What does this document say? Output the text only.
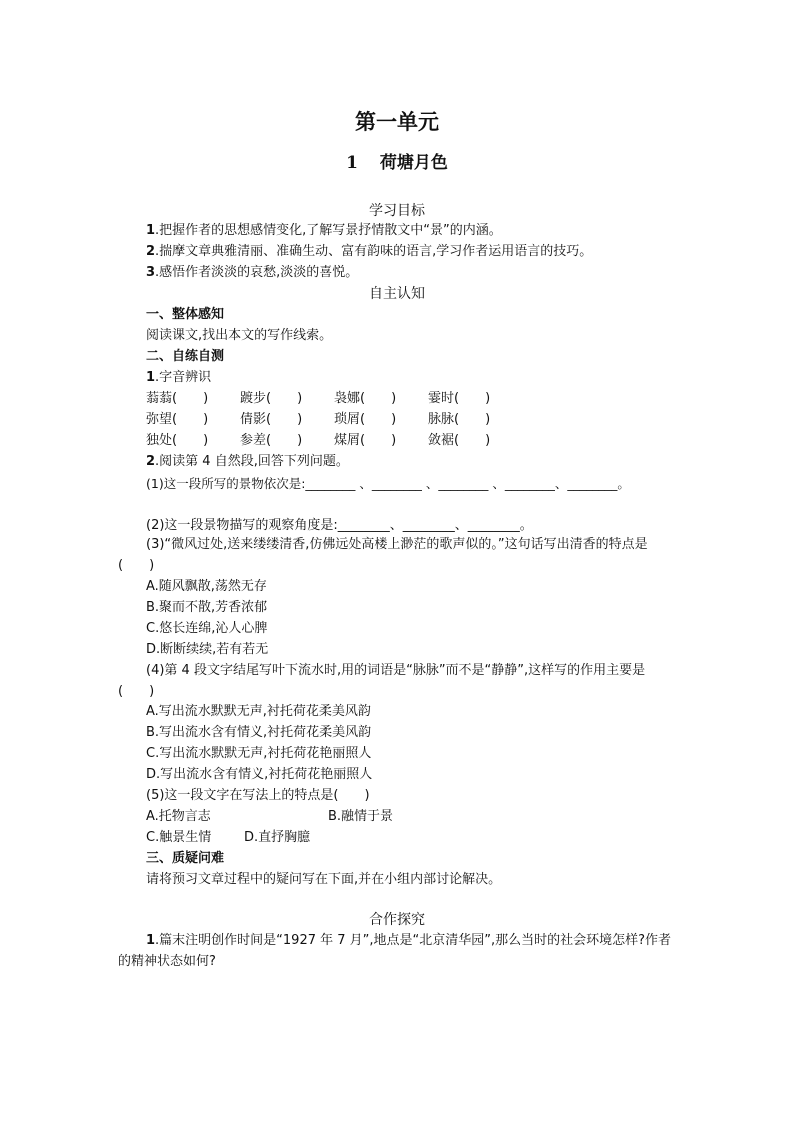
第一单元
1 荷塘月色
学习目标
1.把握作者的思想感情变化,了解写景抒情散文中“景”的内涵。
2.揣摩文章典雅清丽、准确生动、富有韵味的语言,学习作者运用语言的技巧。
3.感悟作者淡淡的哀愁,淡淡的喜悦。
自主认知
一、整体感知
阅读课文,找出本文的写作线索。
二、自练自测
1.字音辨识
蓊蓊(　　) 踱步(　　) 袅娜(　　) 霎时(　　)
弥望(　　) 倩影(　　) 琐屑(　　) 脉脉(　　)
独处(　　) 参差(　　) 煤屑(　　) 敛裾(　　)
2.阅读第 4 自然段,回答下列问题。
(1)这一段所写的景物依次是:________ 、________ 、________ 、________、________。
(2)这一段景物描写的观察角度是:________、________、________。
(3)“微风过处,送来缕缕清香,仿佛远处高楼上渺茫的歌声似的。”这句话写出清香的特点是(　　)
A.随风飘散,荡然无存
B.聚而不散,芳香浓郁
C.悠长连绵,沁人心脾
D.断断续续,若有若无
(4)第 4 段文字结尾写叶下流水时,用的词语是“脉脉”而不是“静静”,这样写的作用主要是(　　)
A.写出流水默默无声,衬托荷花柔美风韵
B.写出流水含有情义,衬托荷花柔美风韵
C.写出流水默默无声,衬托荷花艳丽照人
D.写出流水含有情义,衬托荷花艳丽照人
(5)这一段文字在写法上的特点是(　　)
A.托物言志	B.融情于景
C.触景生情	D.直抒胸臆
三、质疑问难
请将预习文章过程中的疑问写在下面,并在小组内部讨论解决。
合作探究
1.篇末注明创作时间是“1927 年 7 月”,地点是“北京清华园”,那么当时的社会环境怎样?作者的精神状态如何?
